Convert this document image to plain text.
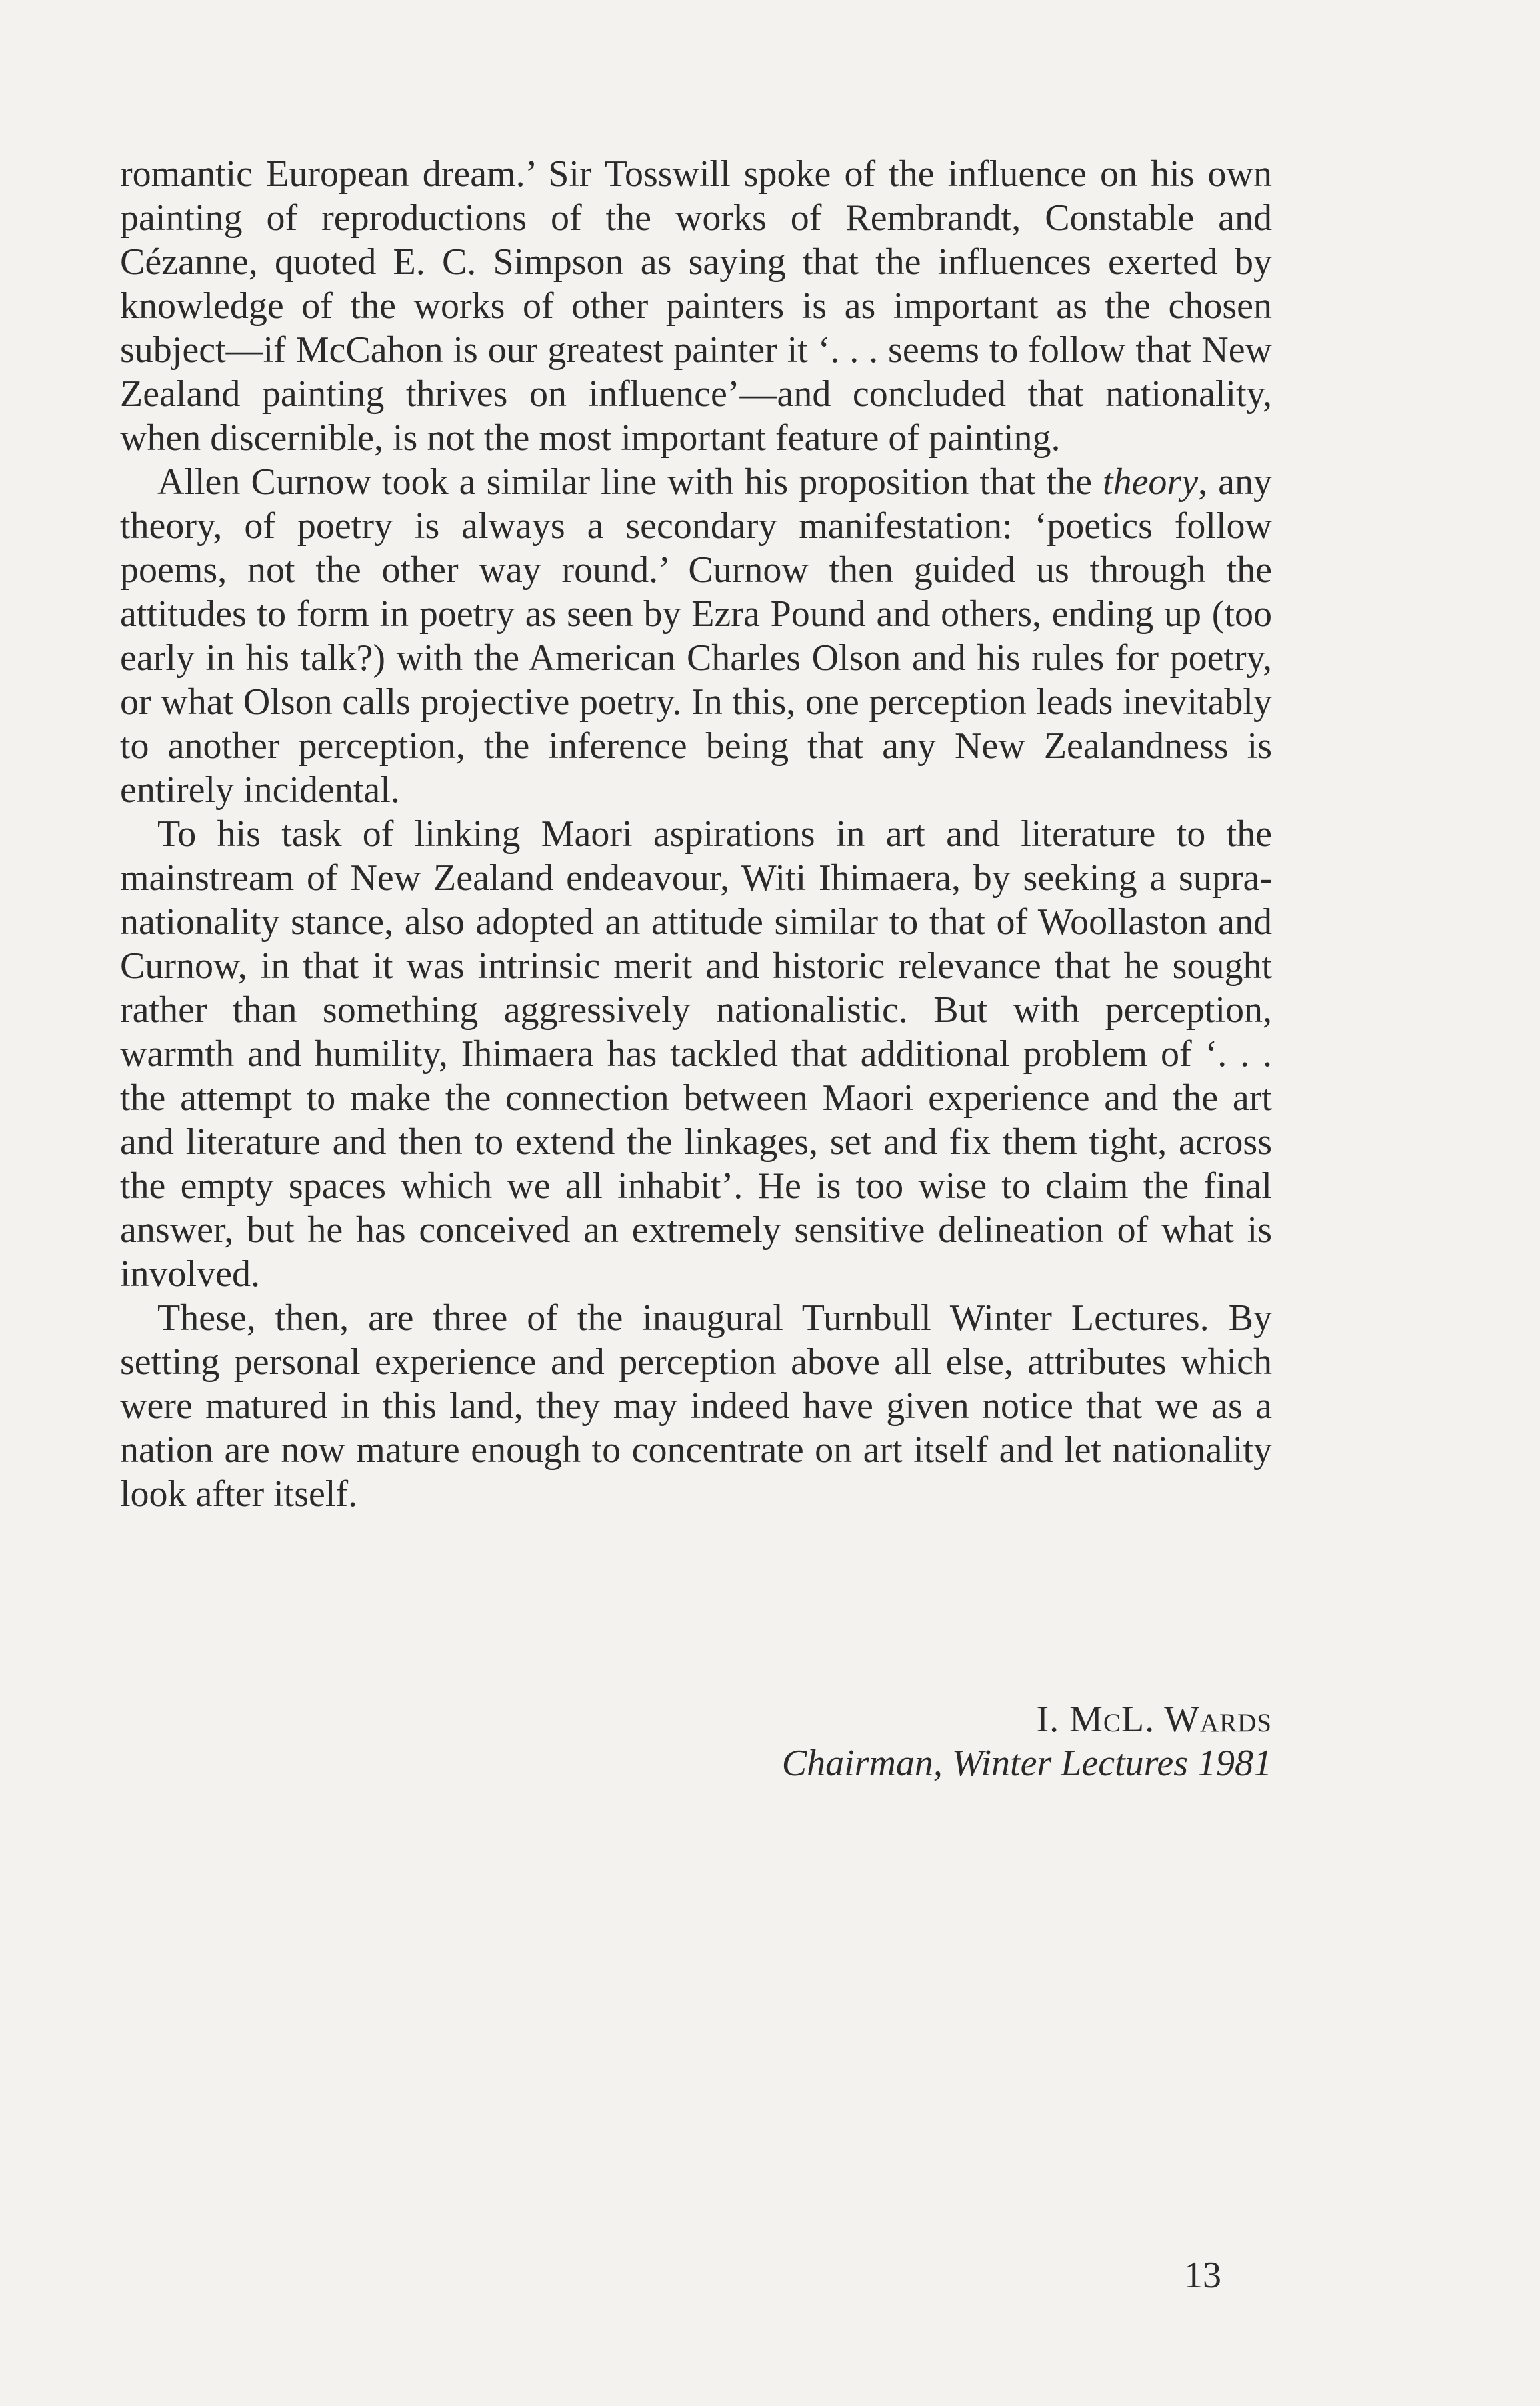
romantic European dream.’ Sir Tosswill spoke of the influence on his own painting of reproductions of the works of Rembrandt, Constable and Cézanne, quoted E. C. Simpson as saying that the influences exerted by knowledge of the works of other painters is as important as the chosen subject—if McCahon is our greatest painter it ‘. . . seems to follow that New Zealand painting thrives on influence’—and concluded that nationality, when discernible, is not the most important feature of painting.

Allen Curnow took a similar line with his proposition that the theory, any theory, of poetry is always a secondary manifestation: ‘poetics follow poems, not the other way round.’ Curnow then guided us through the attitudes to form in poetry as seen by Ezra Pound and others, ending up (too early in his talk?) with the American Charles Olson and his rules for poetry, or what Olson calls projective poetry. In this, one perception leads inevitably to another perception, the inference being that any New Zealandness is entirely incidental.

To his task of linking Maori aspirations in art and literature to the mainstream of New Zealand endeavour, Witi Ihimaera, by seeking a supra-nationality stance, also adopted an attitude similar to that of Woollaston and Curnow, in that it was intrinsic merit and historic relevance that he sought rather than something aggressively nationalistic. But with perception, warmth and humility, Ihimaera has tackled that additional problem of ‘. . . the attempt to make the connection between Maori experience and the art and literature and then to extend the linkages, set and fix them tight, across the empty spaces which we all inhabit’. He is too wise to claim the final answer, but he has conceived an extremely sensitive delineation of what is involved.

These, then, are three of the inaugural Turnbull Winter Lectures. By setting personal experience and perception above all else, attributes which were matured in this land, they may indeed have given notice that we as a nation are now mature enough to concentrate on art itself and let nationality look after itself.

I. McL. Wards
Chairman, Winter Lectures 1981
13
